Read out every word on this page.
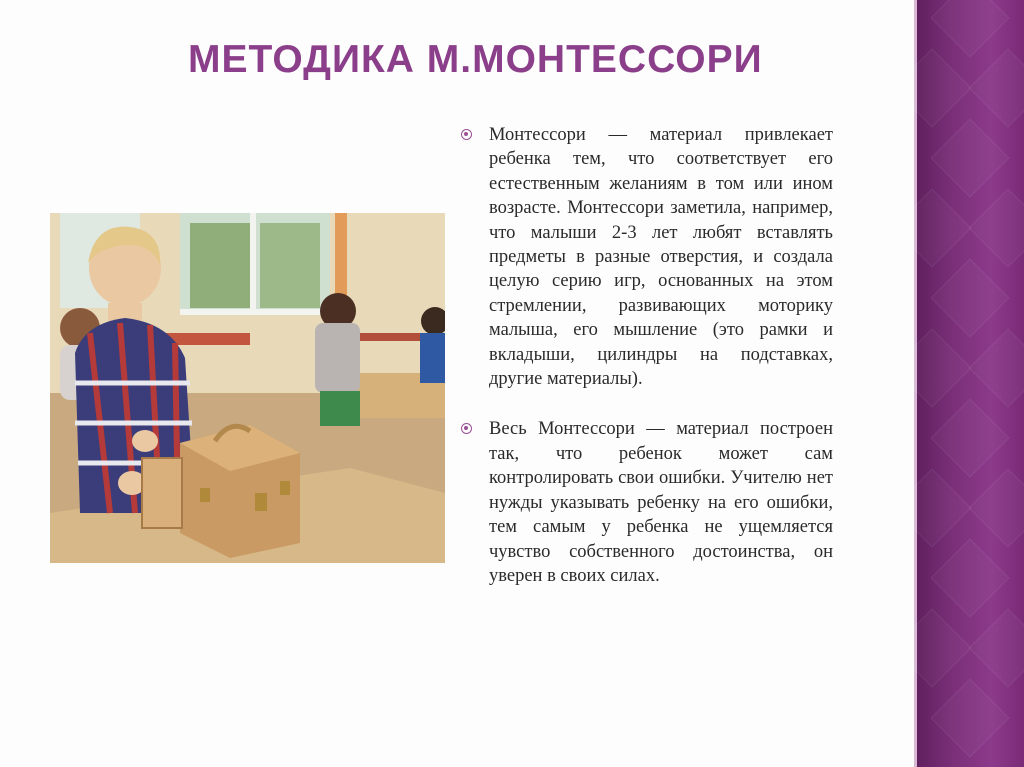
МЕТОДИКА М.МОНТЕССОРИ
Монтессори — материал привлекает ребенка тем, что соответствует его естественным желаниям в том или ином возрасте. Монтессори заметила, например, что малыши 2-3 лет любят вставлять предметы в разные отверстия, и создала целую серию игр, основанных на этом стремлении, развивающих моторику малыша, его мышление (это рамки и вкладыши, цилиндры на подставках, другие материалы).
Весь Монтессори — материал построен так, что ребенок может сам контролировать свои ошибки. Учителю нет нужды указывать ребенку на его ошибки, тем самым у ребенка не ущемляется чувство собственного достоинства, он уверен в своих силах.
